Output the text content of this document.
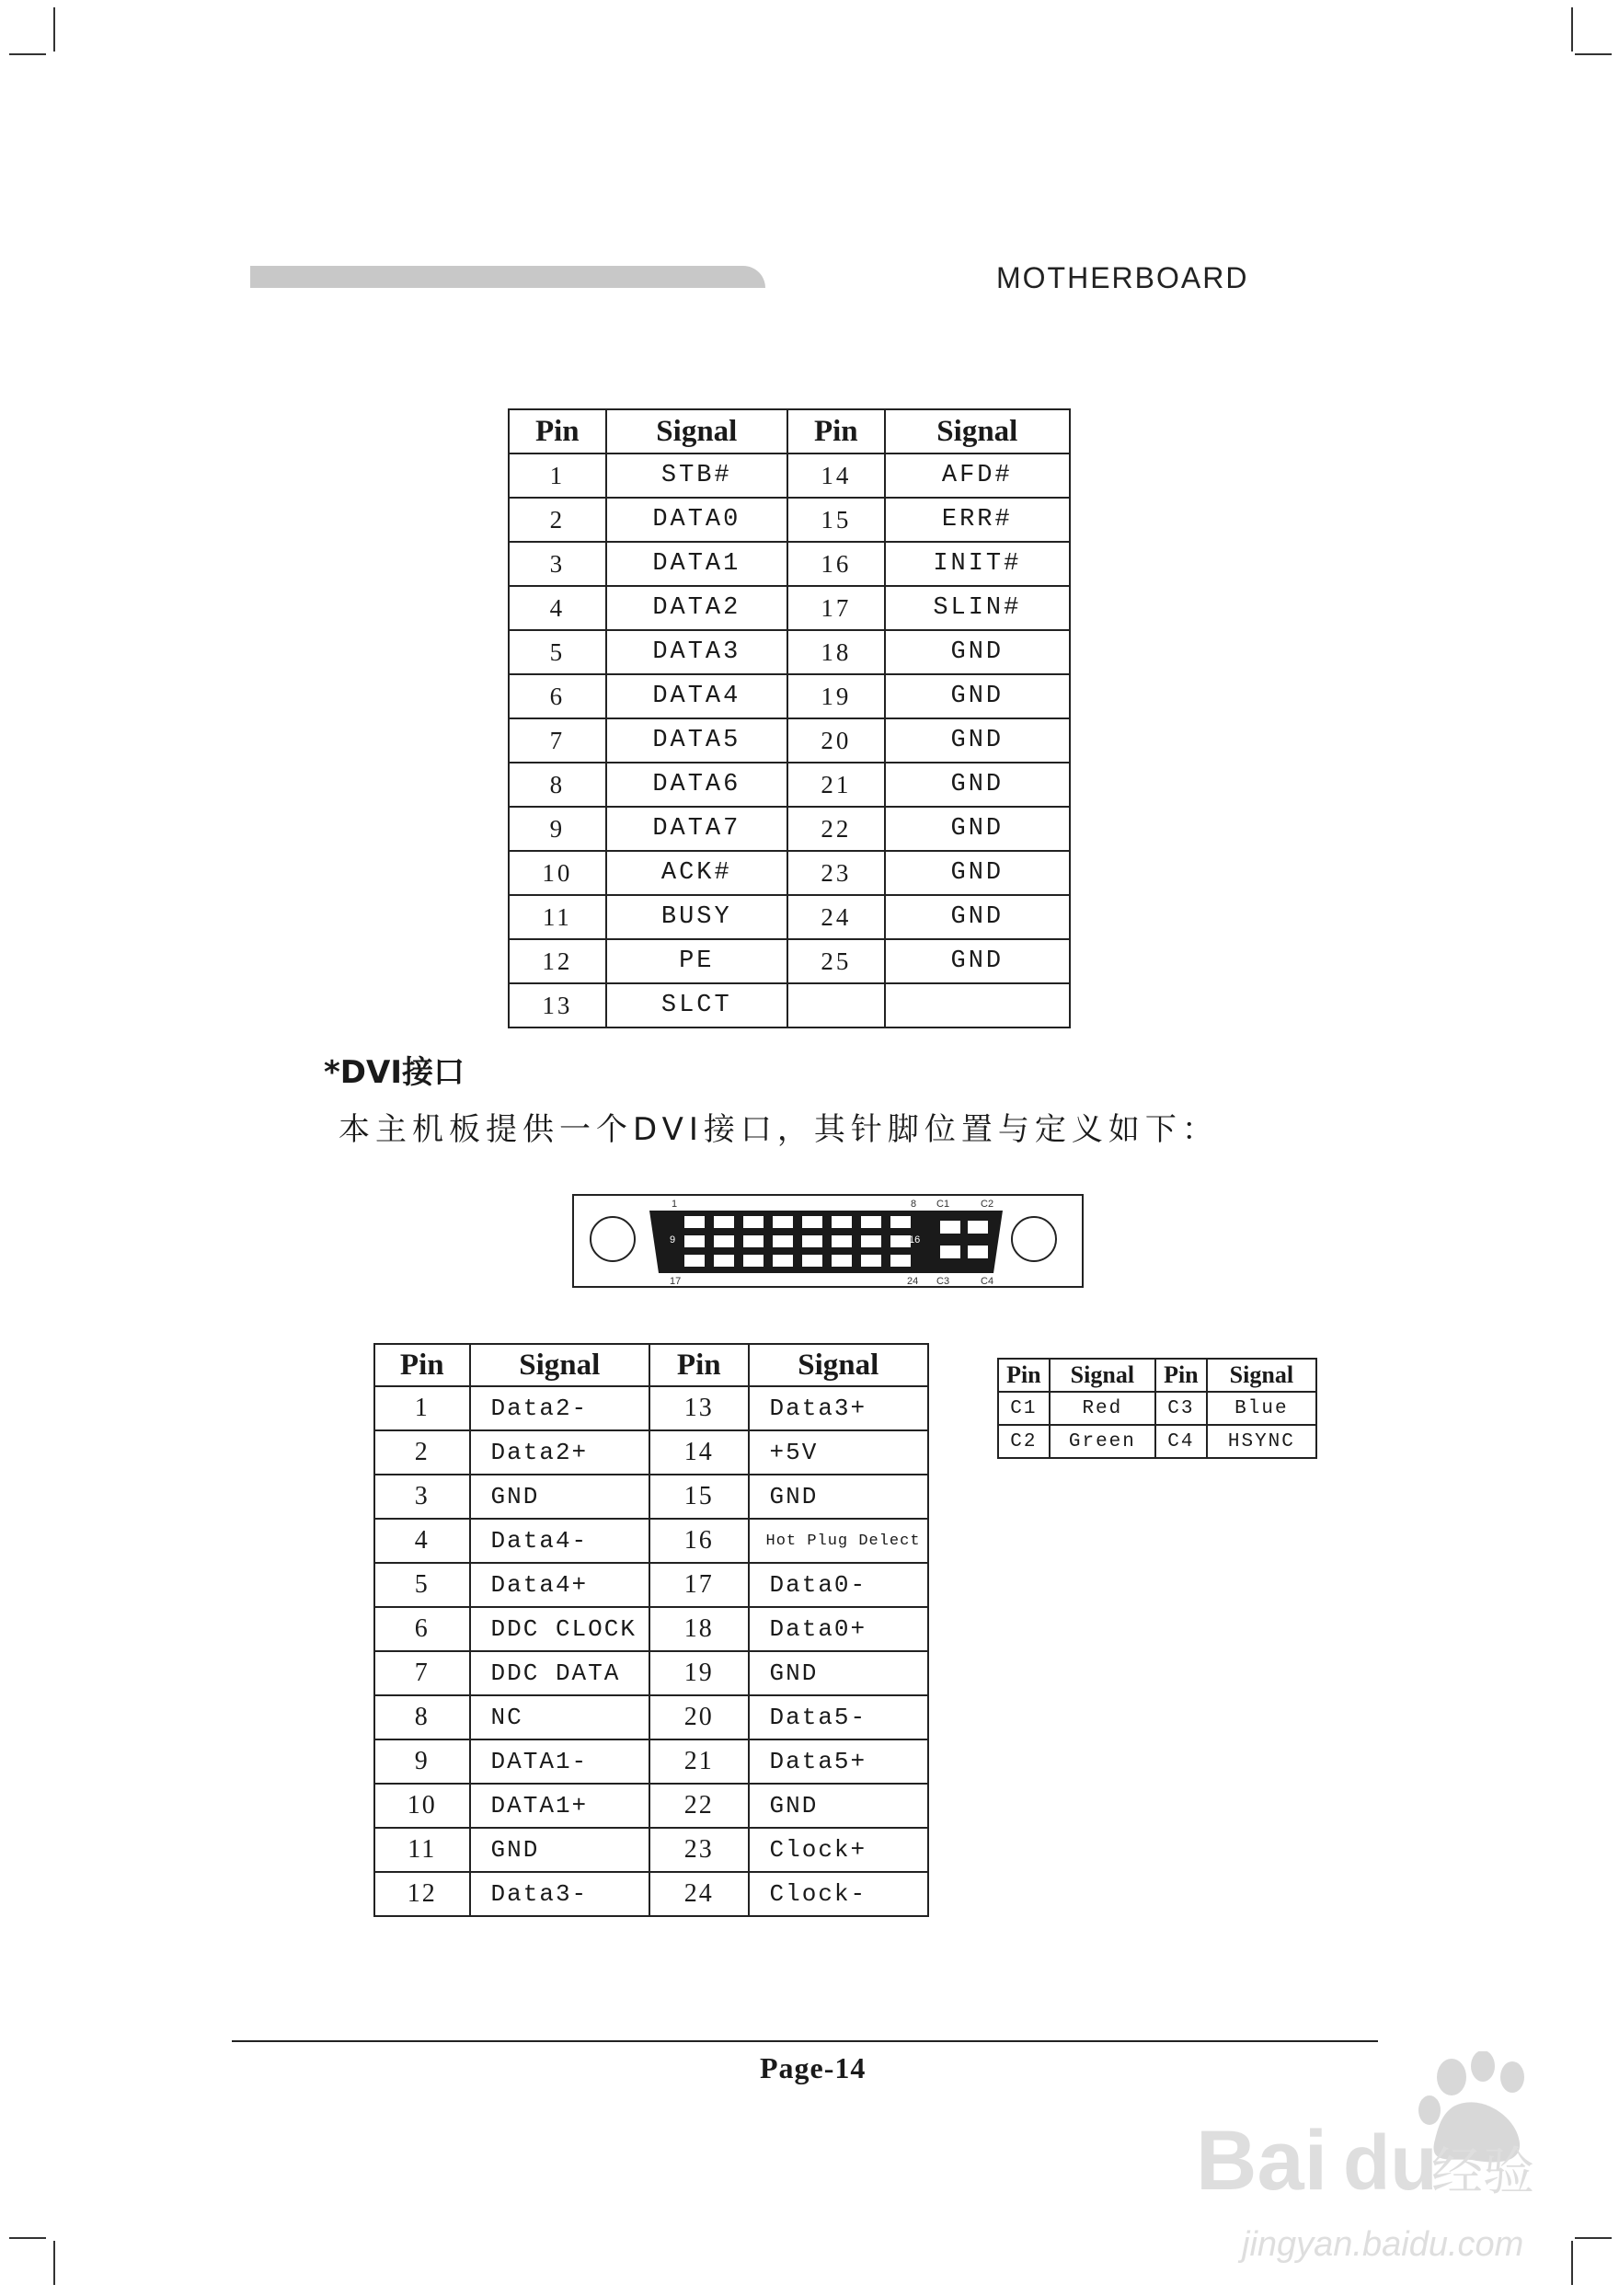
MOTHERBOARD
Pin	Signal	Pin	Signal
1	STB#	14	AFD#
2	DATA0	15	ERR#
3	DATA1	16	INIT#
4	DATA2	17	SLIN#
5	DATA3	18	GND
6	DATA4	19	GND
7	DATA5	20	GND
8	DATA6	21	GND
9	DATA7	22	GND
10	ACK#	23	GND
11	BUSY	24	GND
12	PE	25	GND
13	SLCT		
*DVI接口
本主机板提供一个DVI接口，其针脚位置与定义如下：
1	8 C1	C2
9	16
17	24 C3	C4
Pin	Signal	Pin	Signal
1	Data2-	13	Data3+
2	Data2+	14	+5V
3	GND	15	GND
4	Data4-	16	Hot Plug Delect
5	Data4+	17	Data0-
6	DDC CLOCK	18	Data0+
7	DDC DATA	19	GND
8	NC	20	Data5-
9	DATA1-	21	Data5+
10	DATA1+	22	GND
11	GND	23	Clock+
12	Data3-	24	Clock-
Pin	Signal	Pin	Signal
C1	Red	C3	Blue
C2	Green	C4	HSYNC
Page-14
Bai du
经验
jingyan.baidu.com
